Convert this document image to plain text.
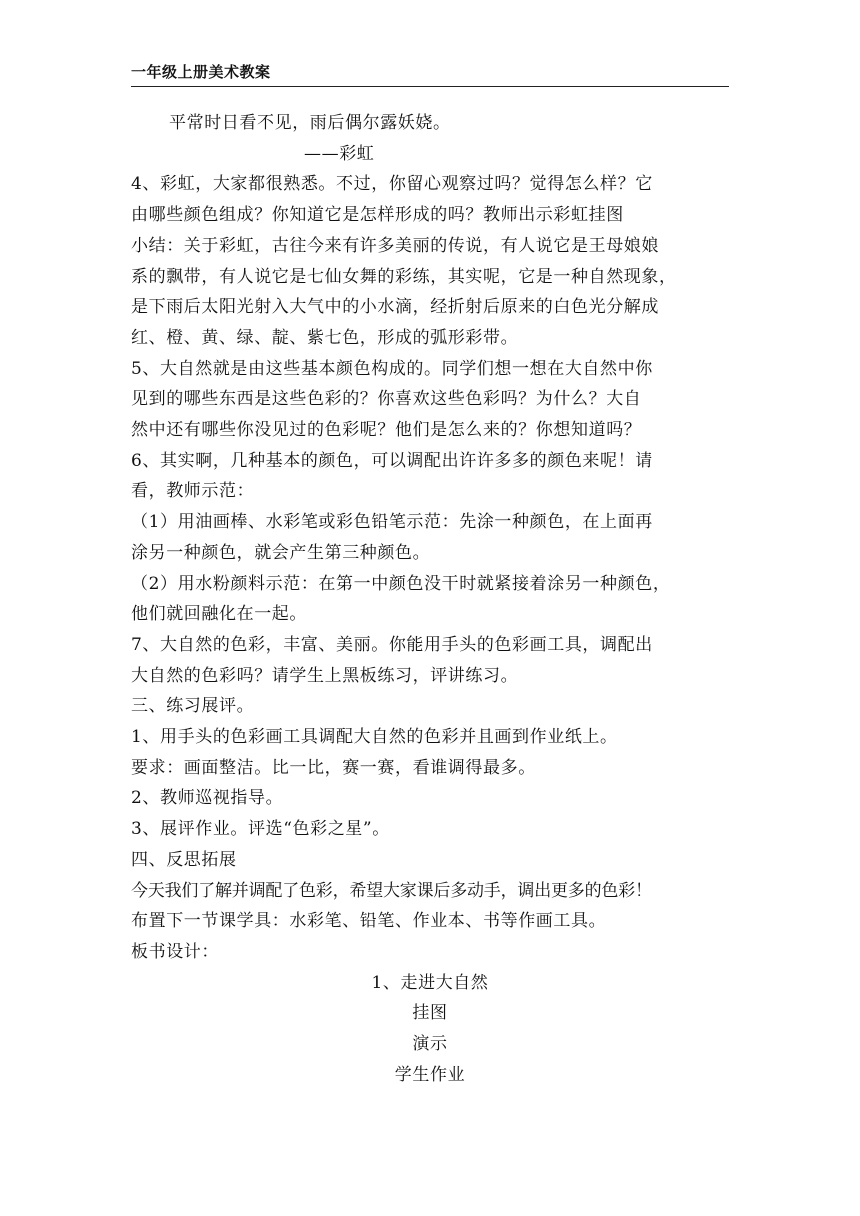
一年级上册美术教案

平常时日看不见，雨后偶尔露妖娆。

——彩虹

4、彩虹，大家都很熟悉。不过，你留心观察过吗？觉得怎么样？它

由哪些颜色组成？你知道它是怎样形成的吗？教师出示彩虹挂图

小结：关于彩虹，古往今来有许多美丽的传说，有人说它是王母娘娘

系的飘带，有人说它是七仙女舞的彩练，其实呢，它是一种自然现象，

是下雨后太阳光射入大气中的小水滴，经折射后原来的白色光分解成

红、橙、黄、绿、靛、紫七色，形成的弧形彩带。

5、大自然就是由这些基本颜色构成的。同学们想一想在大自然中你

见到的哪些东西是这些色彩的？你喜欢这些色彩吗？为什么？大自

然中还有哪些你没见过的色彩呢？他们是怎么来的？你想知道吗？

6、其实啊，几种基本的颜色，可以调配出许许多多的颜色来呢！请

看，教师示范：

（1）用油画棒、水彩笔或彩色铅笔示范：先涂一种颜色，在上面再

涂另一种颜色，就会产生第三种颜色。

（2）用水粉颜料示范：在第一中颜色没干时就紧接着涂另一种颜色，

他们就回融化在一起。

7、大自然的色彩，丰富、美丽。你能用手头的色彩画工具，调配出

大自然的色彩吗？请学生上黑板练习，评讲练习。

三、练习展评。

1、用手头的色彩画工具调配大自然的色彩并且画到作业纸上。

要求：画面整洁。比一比，赛一赛，看谁调得最多。

2、教师巡视指导。

3、展评作业。评选“色彩之星”。

四、反思拓展

今天我们了解并调配了色彩，希望大家课后多动手，调出更多的色彩！

布置下一节课学具：水彩笔、铅笔、作业本、书等作画工具。

板书设计：

1、走进大自然

挂图

演示

学生作业
